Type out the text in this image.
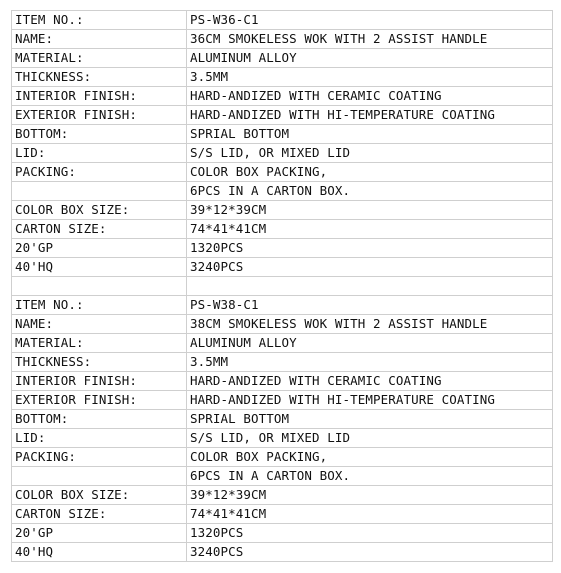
ITEM NO.:	PS-W36-C1
NAME:	36CM SMOKELESS WOK WITH 2 ASSIST HANDLE
MATERIAL:	ALUMINUM ALLOY
THICKNESS:	3.5MM
INTERIOR FINISH:	HARD-ANDIZED WITH CERAMIC COATING
EXTERIOR FINISH:	HARD-ANDIZED WITH HI-TEMPERATURE COATING
BOTTOM:	SPRIAL BOTTOM
LID:	S/S LID, OR MIXED LID
PACKING:	COLOR BOX PACKING,
	6PCS IN A CARTON BOX.
COLOR BOX SIZE:	39*12*39CM
CARTON SIZE:	74*41*41CM
20'GP	1320PCS
40'HQ	3240PCS

ITEM NO.:	PS-W38-C1
NAME:	38CM SMOKELESS WOK WITH 2 ASSIST HANDLE
MATERIAL:	ALUMINUM ALLOY
THICKNESS:	3.5MM
INTERIOR FINISH:	HARD-ANDIZED WITH CERAMIC COATING
EXTERIOR FINISH:	HARD-ANDIZED WITH HI-TEMPERATURE COATING
BOTTOM:	SPRIAL BOTTOM
LID:	S/S LID, OR MIXED LID
PACKING:	COLOR BOX PACKING,
	6PCS IN A CARTON BOX.
COLOR BOX SIZE:	39*12*39CM
CARTON SIZE:	74*41*41CM
20'GP	1320PCS
40'HQ	3240PCS
